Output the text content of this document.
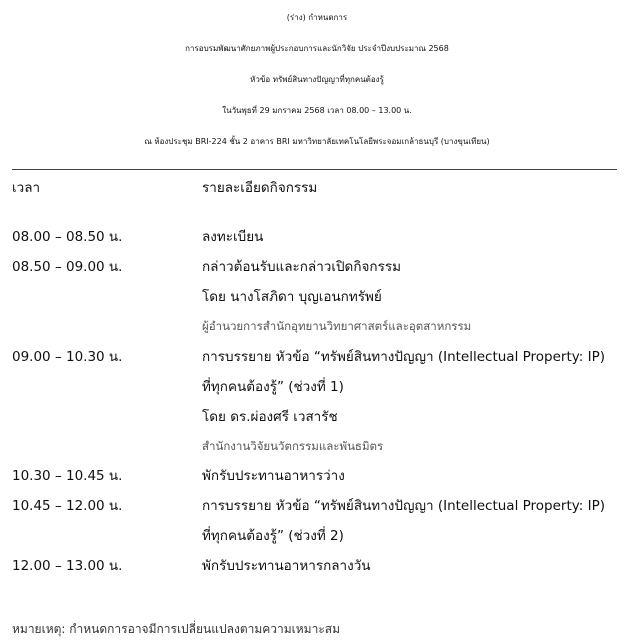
(ร่าง) กำหนดการ
การอบรมพัฒนาศักยภาพผู้ประกอบการและนักวิจัย ประจำปีงบประมาณ 2568
หัวข้อ ทรัพย์สินทางปัญญาที่ทุกคนต้องรู้
ในวันพุธที่ 29 มกราคม 2568 เวลา 08.00 – 13.00 น.
ณ ห้องประชุม BRI-224 ชั้น 2 อาคาร BRI มหาวิทยาลัยเทคโนโลยีพระจอมเกล้าธนบุรี (บางขุนเทียน)
เวลา	รายละเอียดกิจกรรม
08.00 – 08.50 น.	ลงทะเบียน
08.50 – 09.00 น.	กล่าวต้อนรับและกล่าวเปิดกิจกรรม
โดย นางโสภิดา บุญเอนกทรัพย์
ผู้อำนวยการสำนักอุทยานวิทยาศาสตร์และอุตสาหกรรม
09.00 – 10.30 น.	การบรรยาย หัวข้อ “ทรัพย์สินทางปัญญา (Intellectual Property: IP)
ที่ทุกคนต้องรู้” (ช่วงที่ 1)
โดย ดร.ผ่องศรี เวสารัช
สำนักงานวิจัยนวัตกรรมและพันธมิตร
10.30 – 10.45 น.	พักรับประทานอาหารว่าง
10.45 – 12.00 น.	การบรรยาย หัวข้อ “ทรัพย์สินทางปัญญา (Intellectual Property: IP)
ที่ทุกคนต้องรู้” (ช่วงที่ 2)
12.00 – 13.00 น.	พักรับประทานอาหารกลางวัน
หมายเหตุ: กำหนดการอาจมีการเปลี่ยนแปลงตามความเหมาะสม
